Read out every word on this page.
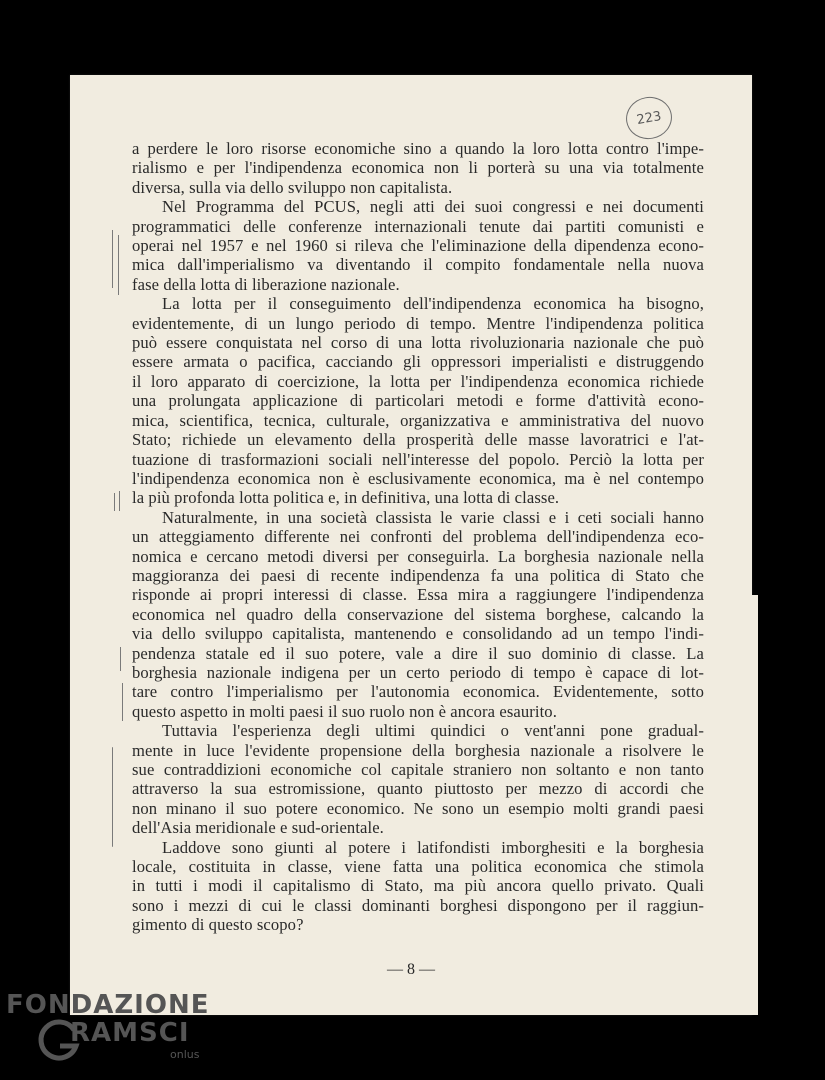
223
a perdere le loro risorse economiche sino a quando la loro lotta contro l'impe-
rialismo e per l'indipendenza economica non li porterà su una via totalmente
diversa, sulla via dello sviluppo non capitalista.
Nel Programma del PCUS, negli atti dei suoi congressi e nei documenti
programmatici delle conferenze internazionali tenute dai partiti comunisti e
operai nel 1957 e nel 1960 si rileva che l'eliminazione della dipendenza econo-
mica dall'imperialismo va diventando il compito fondamentale nella nuova
fase della lotta di liberazione nazionale.
La lotta per il conseguimento dell'indipendenza economica ha bisogno,
evidentemente, di un lungo periodo di tempo. Mentre l'indipendenza politica
può essere conquistata nel corso di una lotta rivoluzionaria nazionale che può
essere armata o pacifica, cacciando gli oppressori imperialisti e distruggendo
il loro apparato di coercizione, la lotta per l'indipendenza economica richiede
una prolungata applicazione di particolari metodi e forme d'attività econo-
mica, scientifica, tecnica, culturale, organizzativa e amministrativa del nuovo
Stato; richiede un elevamento della prosperità delle masse lavoratrici e l'at-
tuazione di trasformazioni sociali nell'interesse del popolo. Perciò la lotta per
l'indipendenza economica non è esclusivamente economica, ma è nel contempo
la più profonda lotta politica e, in definitiva, una lotta di classe.
Naturalmente, in una società classista le varie classi e i ceti sociali hanno
un atteggiamento differente nei confronti del problema dell'indipendenza eco-
nomica e cercano metodi diversi per conseguirla. La borghesia nazionale nella
maggioranza dei paesi di recente indipendenza fa una politica di Stato che
risponde ai propri interessi di classe. Essa mira a raggiungere l'indipendenza
economica nel quadro della conservazione del sistema borghese, calcando la
via dello sviluppo capitalista, mantenendo e consolidando ad un tempo l'indi-
pendenza statale ed il suo potere, vale a dire il suo dominio di classe. La
borghesia nazionale indigena per un certo periodo di tempo è capace di lot-
tare contro l'imperialismo per l'autonomia economica. Evidentemente, sotto
questo aspetto in molti paesi il suo ruolo non è ancora esaurito.
Tuttavia l'esperienza degli ultimi quindici o vent'anni pone gradual-
mente in luce l'evidente propensione della borghesia nazionale a risolvere le
sue contraddizioni economiche col capitale straniero non soltanto e non tanto
attraverso la sua estromissione, quanto piuttosto per mezzo di accordi che
non minano il suo potere economico. Ne sono un esempio molti grandi paesi
dell'Asia meridionale e sud-orientale.
Laddove sono giunti al potere i latifondisti imborghesiti e la borghesia
locale, costituita in classe, viene fatta una politica economica che stimola
in tutti i modi il capitalismo di Stato, ma più ancora quello privato. Quali
sono i mezzi di cui le classi dominanti borghesi dispongono per il raggiun-
gimento di questo scopo?
— 8 —
FONDAZIONE
RAMSCI
onlus
